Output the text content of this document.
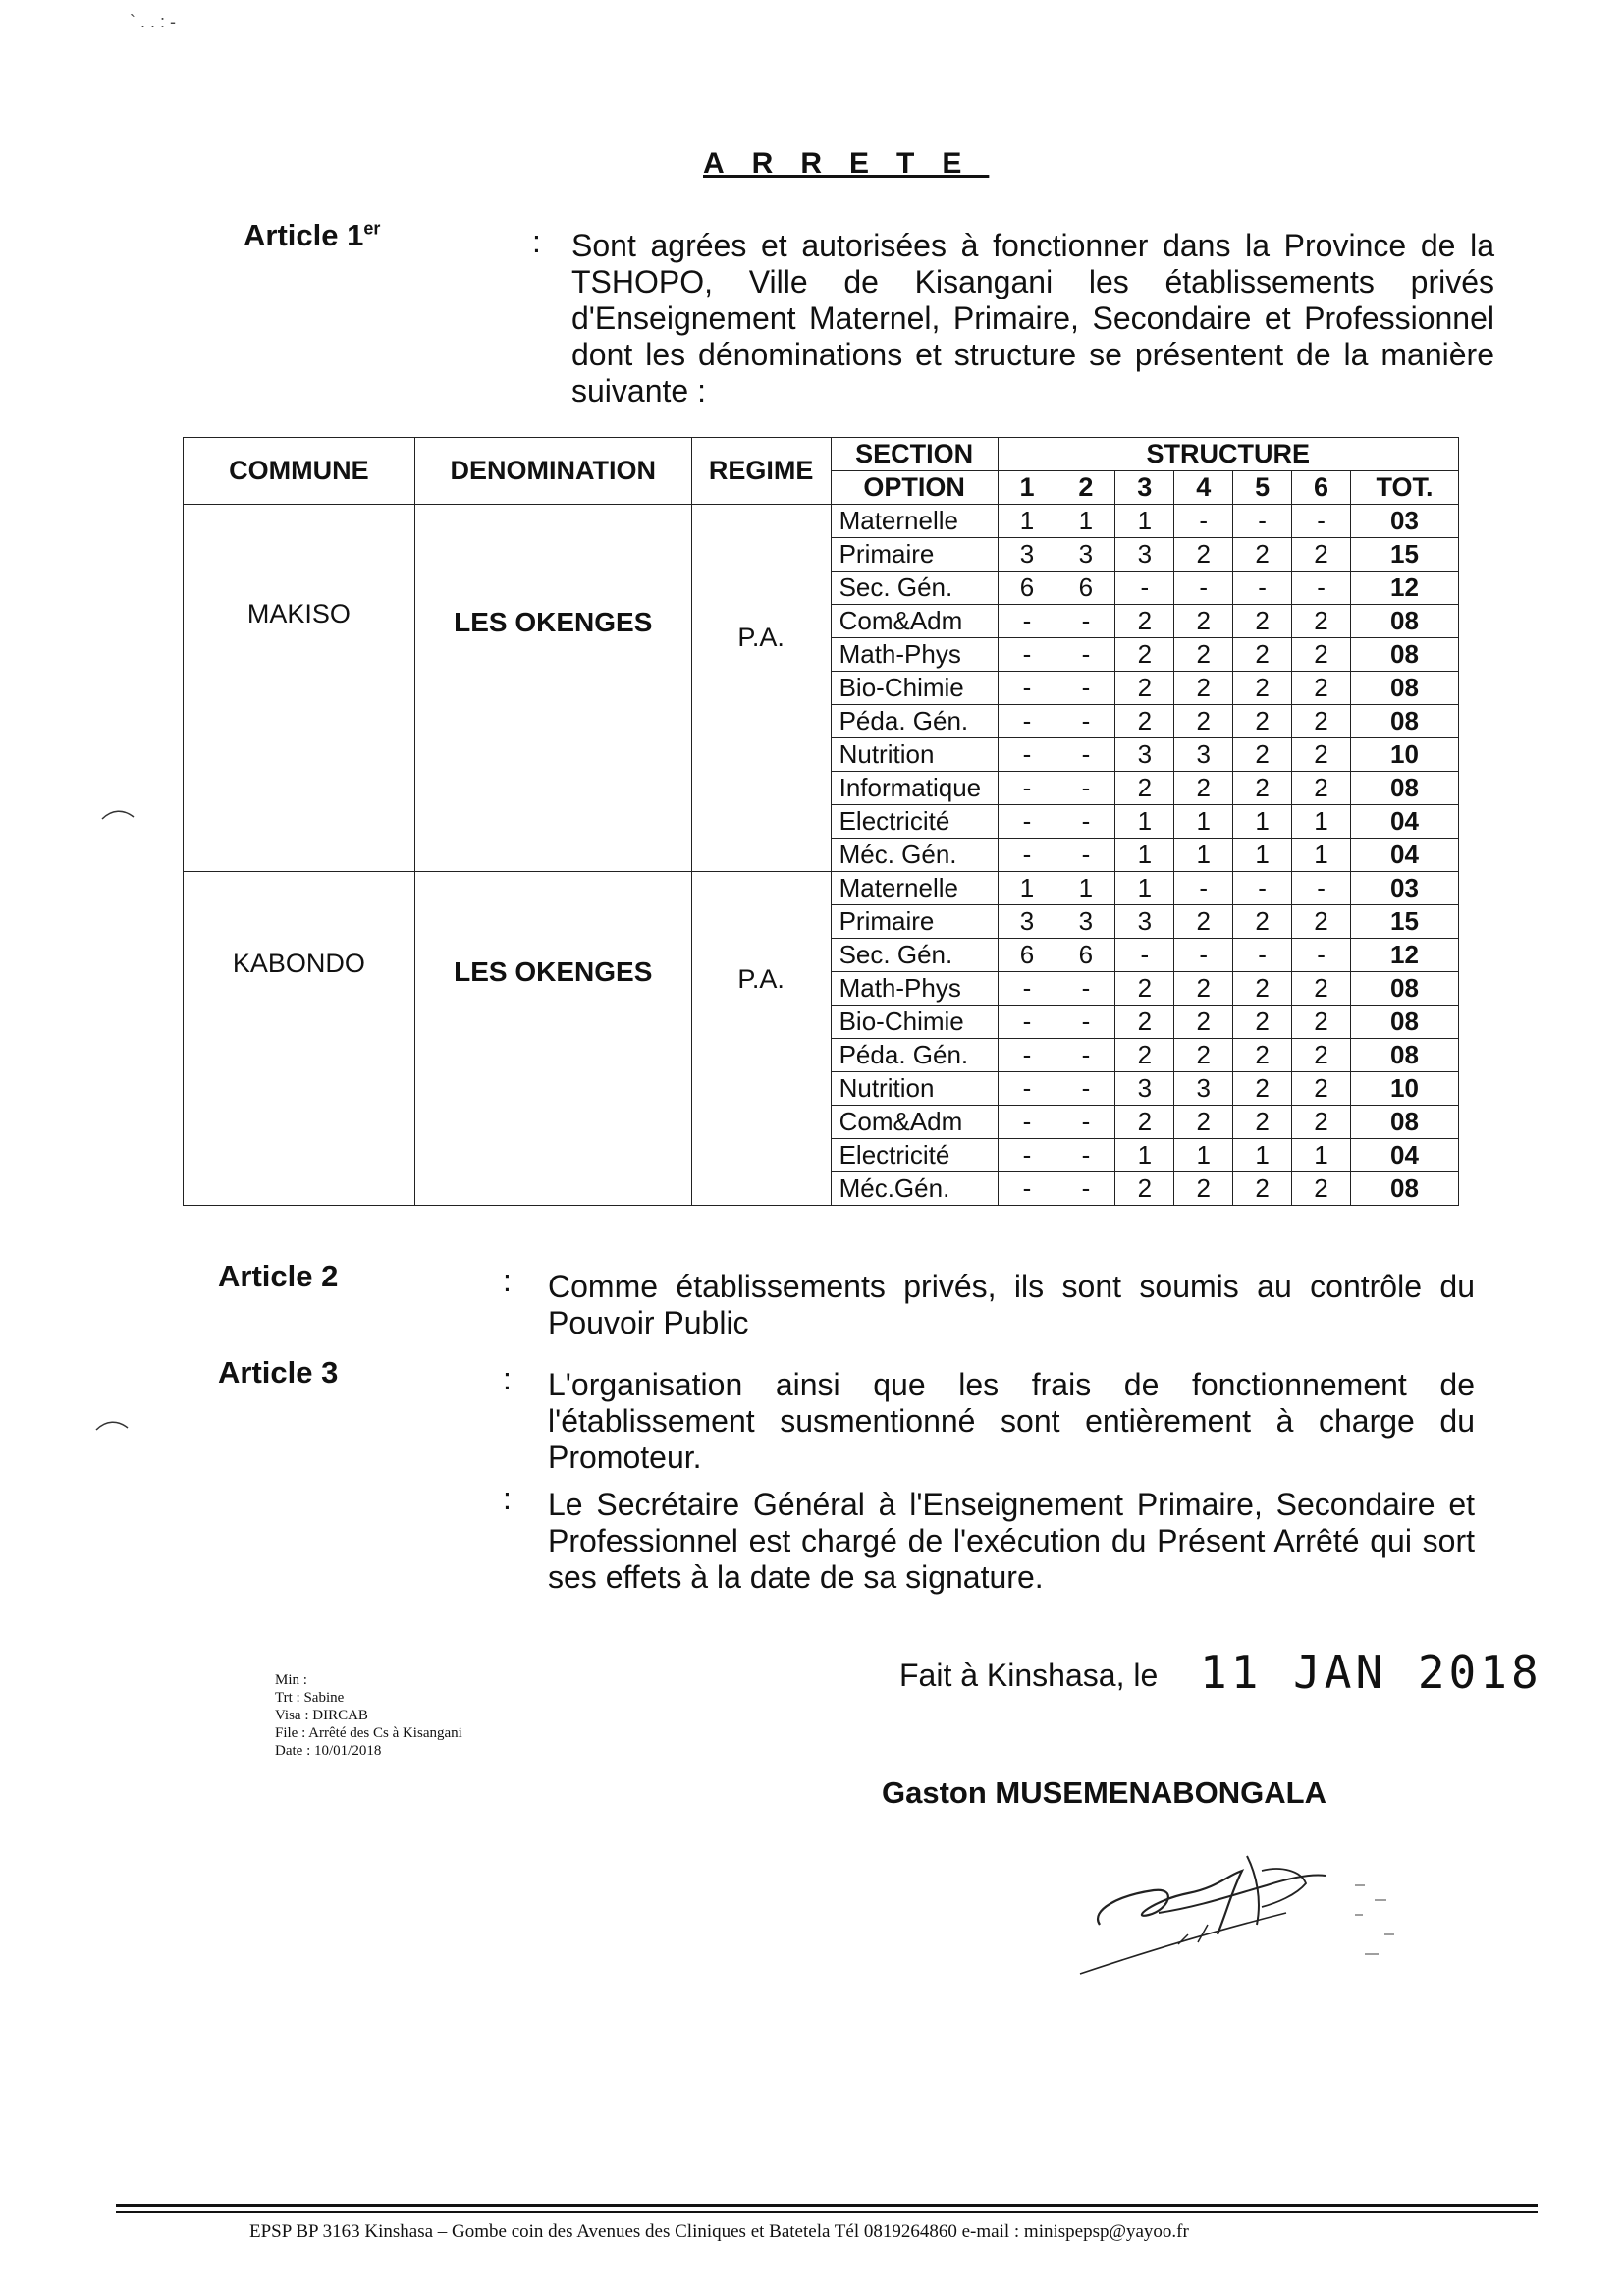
` . . : -
ARRETE
Article 1er	: Sont agrées et autorisées à fonctionner dans la Province de la TSHOPO, Ville de Kisangani les établissements privés d'Enseignement Maternel, Primaire, Secondaire et Professionnel dont les dénominations et structure se présentent de la manière suivante :
COMMUNE	DENOMINATION	REGIME	SECTION	STRUCTURE						
			OPTION	1	2	3	4	5	6	TOT.
MAKISO	LES OKENGES	P.A.	Maternelle	1	1	1	-	-	-	03
			Primaire	3	3	3	2	2	2	15
			Sec. Gén.	6	6	-	-	-	-	12
			Com&Adm	-	-	2	2	2	2	08
			Math-Phys	-	-	2	2	2	2	08
			Bio-Chimie	-	-	2	2	2	2	08
			Péda. Gén.	-	-	2	2	2	2	08
			Nutrition	-	-	3	3	2	2	10
			Informatique	-	-	2	2	2	2	08
			Electricité	-	-	1	1	1	1	04
			Méc. Gén.	-	-	1	1	1	1	04
KABONDO	LES OKENGES	P.A.	Maternelle	1	1	1	-	-	-	03
			Primaire	3	3	3	2	2	2	15
			Sec. Gén.	6	6	-	-	-	-	12
			Math-Phys	-	-	2	2	2	2	08
			Bio-Chimie	-	-	2	2	2	2	08
			Péda. Gén.	-	-	2	2	2	2	08
			Nutrition	-	-	3	3	2	2	10
			Com&Adm	-	-	2	2	2	2	08
			Electricité	-	-	1	1	1	1	04
			Méc.Gén.	-	-	2	2	2	2	08
Article 2	: Comme établissements privés, ils sont soumis au contrôle du Pouvoir Public
Article 3	: L'organisation ainsi que les frais de fonctionnement de l'établissement susmentionné sont entièrement à charge du Promoteur.
: Le Secrétaire Général à l'Enseignement Primaire, Secondaire et Professionnel est chargé de l'exécution du Présent Arrêté qui sort ses effets à la date de sa signature.
Min :
Trt : Sabine
Visa : DIRCAB
File : Arrêté des Cs à Kisangani
Date : 10/01/2018
Fait à Kinshasa, le 11 JAN 2018
Gaston MUSEMENABONGALA
EPSP BP 3163 Kinshasa – Gombe coin des Avenues des Cliniques et Batetela Tél 0819264860 e-mail : minispepsp@yayoo.fr
